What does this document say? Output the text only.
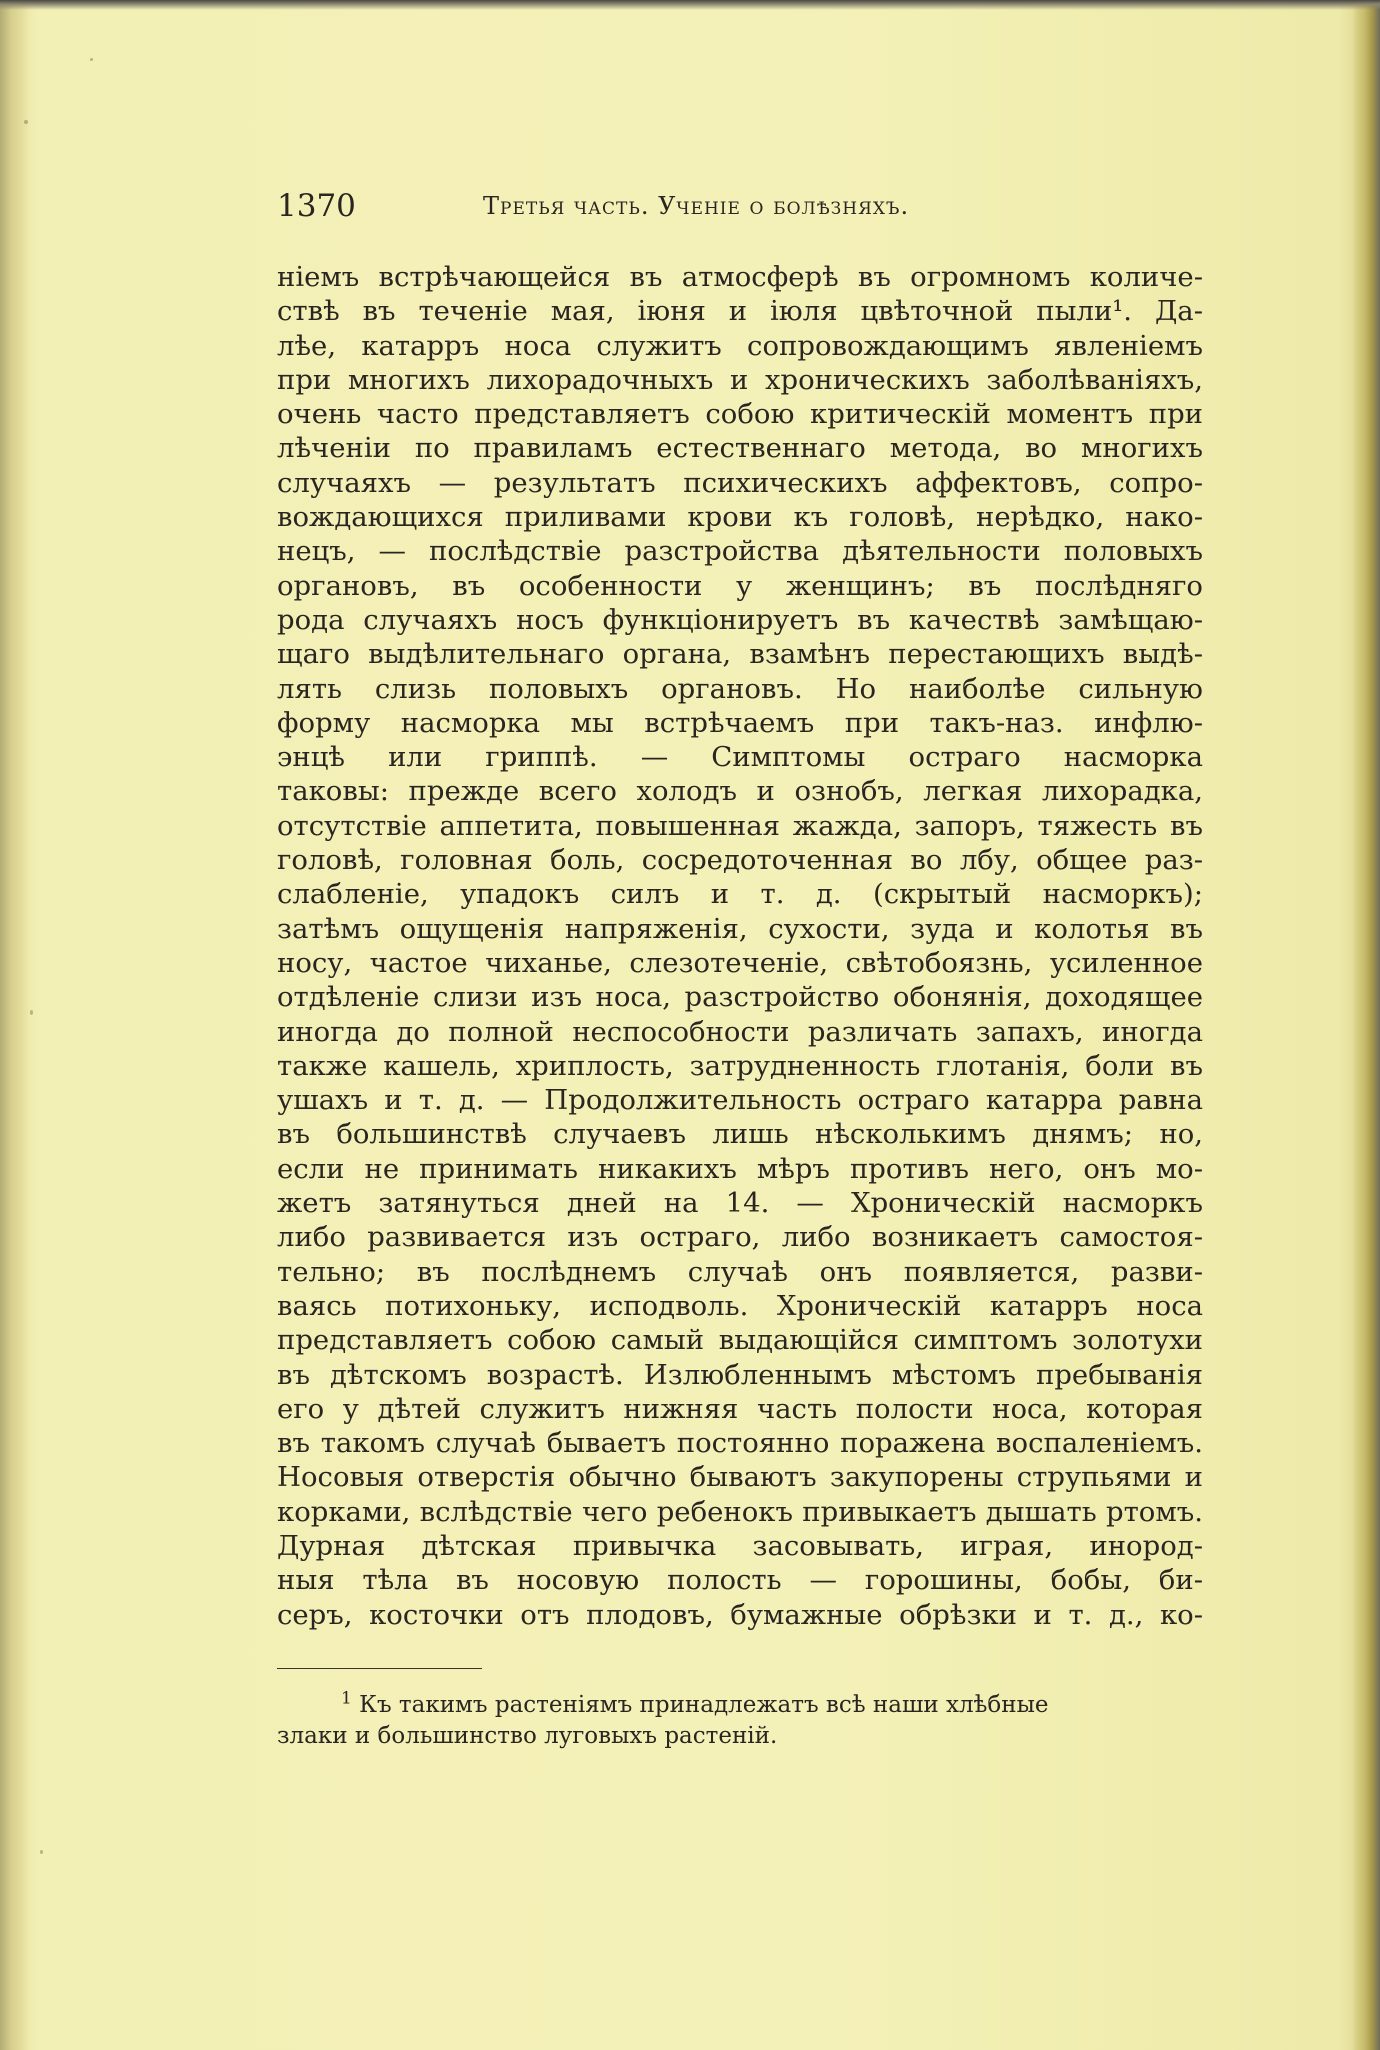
1370	Третья часть. Ученіе о болѣзняхъ.
ніемъ встрѣчающейся въ атмосферѣ въ огромномъ количе-
ствѣ въ теченіе мая, іюня и іюля цвѣточной пыли¹. Да-
лѣе, катарръ носа служитъ сопровождающимъ явленіемъ
при многихъ лихорадочныхъ и хроническихъ заболѣваніяхъ,
очень часто представляетъ собою критическій моментъ при
лѣченіи по правиламъ естественнаго метода, во многихъ
случаяхъ — результатъ психическихъ аффектовъ, сопро-
вождающихся приливами крови къ головѣ, нерѣдко, нако-
нецъ, — послѣдствіе разстройства дѣятельности половыхъ
органовъ, въ особенности у женщинъ; въ послѣдняго
рода случаяхъ носъ функціонируетъ въ качествѣ замѣщаю-
щаго выдѣлительнаго органа, взамѣнъ перестающихъ выдѣ-
лять слизь половыхъ органовъ. Но наиболѣе сильную
форму насморка мы встрѣчаемъ при такъ-наз. инфлю-
энцѣ или гриппѣ. — Симптомы остраго насморка
таковы: прежде всего холодъ и ознобъ, легкая лихорадка,
отсутствіе аппетита, повышенная жажда, запоръ, тяжесть въ
головѣ, головная боль, сосредоточенная во лбу, общее раз-
слабленіе, упадокъ силъ и т. д. (скрытый насморкъ);
затѣмъ ощущенія напряженія, сухости, зуда и колотья въ
носу, частое чиханье, слезотеченіе, свѣтобоязнь, усиленное
отдѣленіе слизи изъ носа, разстройство обонянія, доходящее
иногда до полной неспособности различать запахъ, иногда
также кашель, хриплость, затрудненность глотанія, боли въ
ушахъ и т. д. — Продолжительность остраго катарра равна
въ большинствѣ случаевъ лишь нѣсколькимъ днямъ; но,
если не принимать никакихъ мѣръ противъ него, онъ мо-
жетъ затянуться дней на 14. — Хроническій насморкъ
либо развивается изъ остраго, либо возникаетъ самостоя-
тельно; въ послѣднемъ случаѣ онъ появляется, разви-
ваясь потихоньку, исподволь. Хроническій катарръ носа
представляетъ собою самый выдающійся симптомъ золотухи
въ дѣтскомъ возрастѣ. Излюбленнымъ мѣстомъ пребыванія
его у дѣтей служитъ нижняя часть полости носа, которая
въ такомъ случаѣ бываетъ постоянно поражена воспаленіемъ.
Носовыя отверстія обычно бываютъ закупорены струпьями и
корками, вслѣдствіе чего ребенокъ привыкаетъ дышать ртомъ.
Дурная дѣтская привычка засовывать, играя, инород-
ныя тѣла въ носовую полость — горошины, бобы, би-
серъ, косточки отъ плодовъ, бумажные обрѣзки и т. д., ко-
$^1$ Къ такимъ растеніямъ принадлежатъ всѣ наши хлѣбные
злаки и большинство луговыхъ растеній.
